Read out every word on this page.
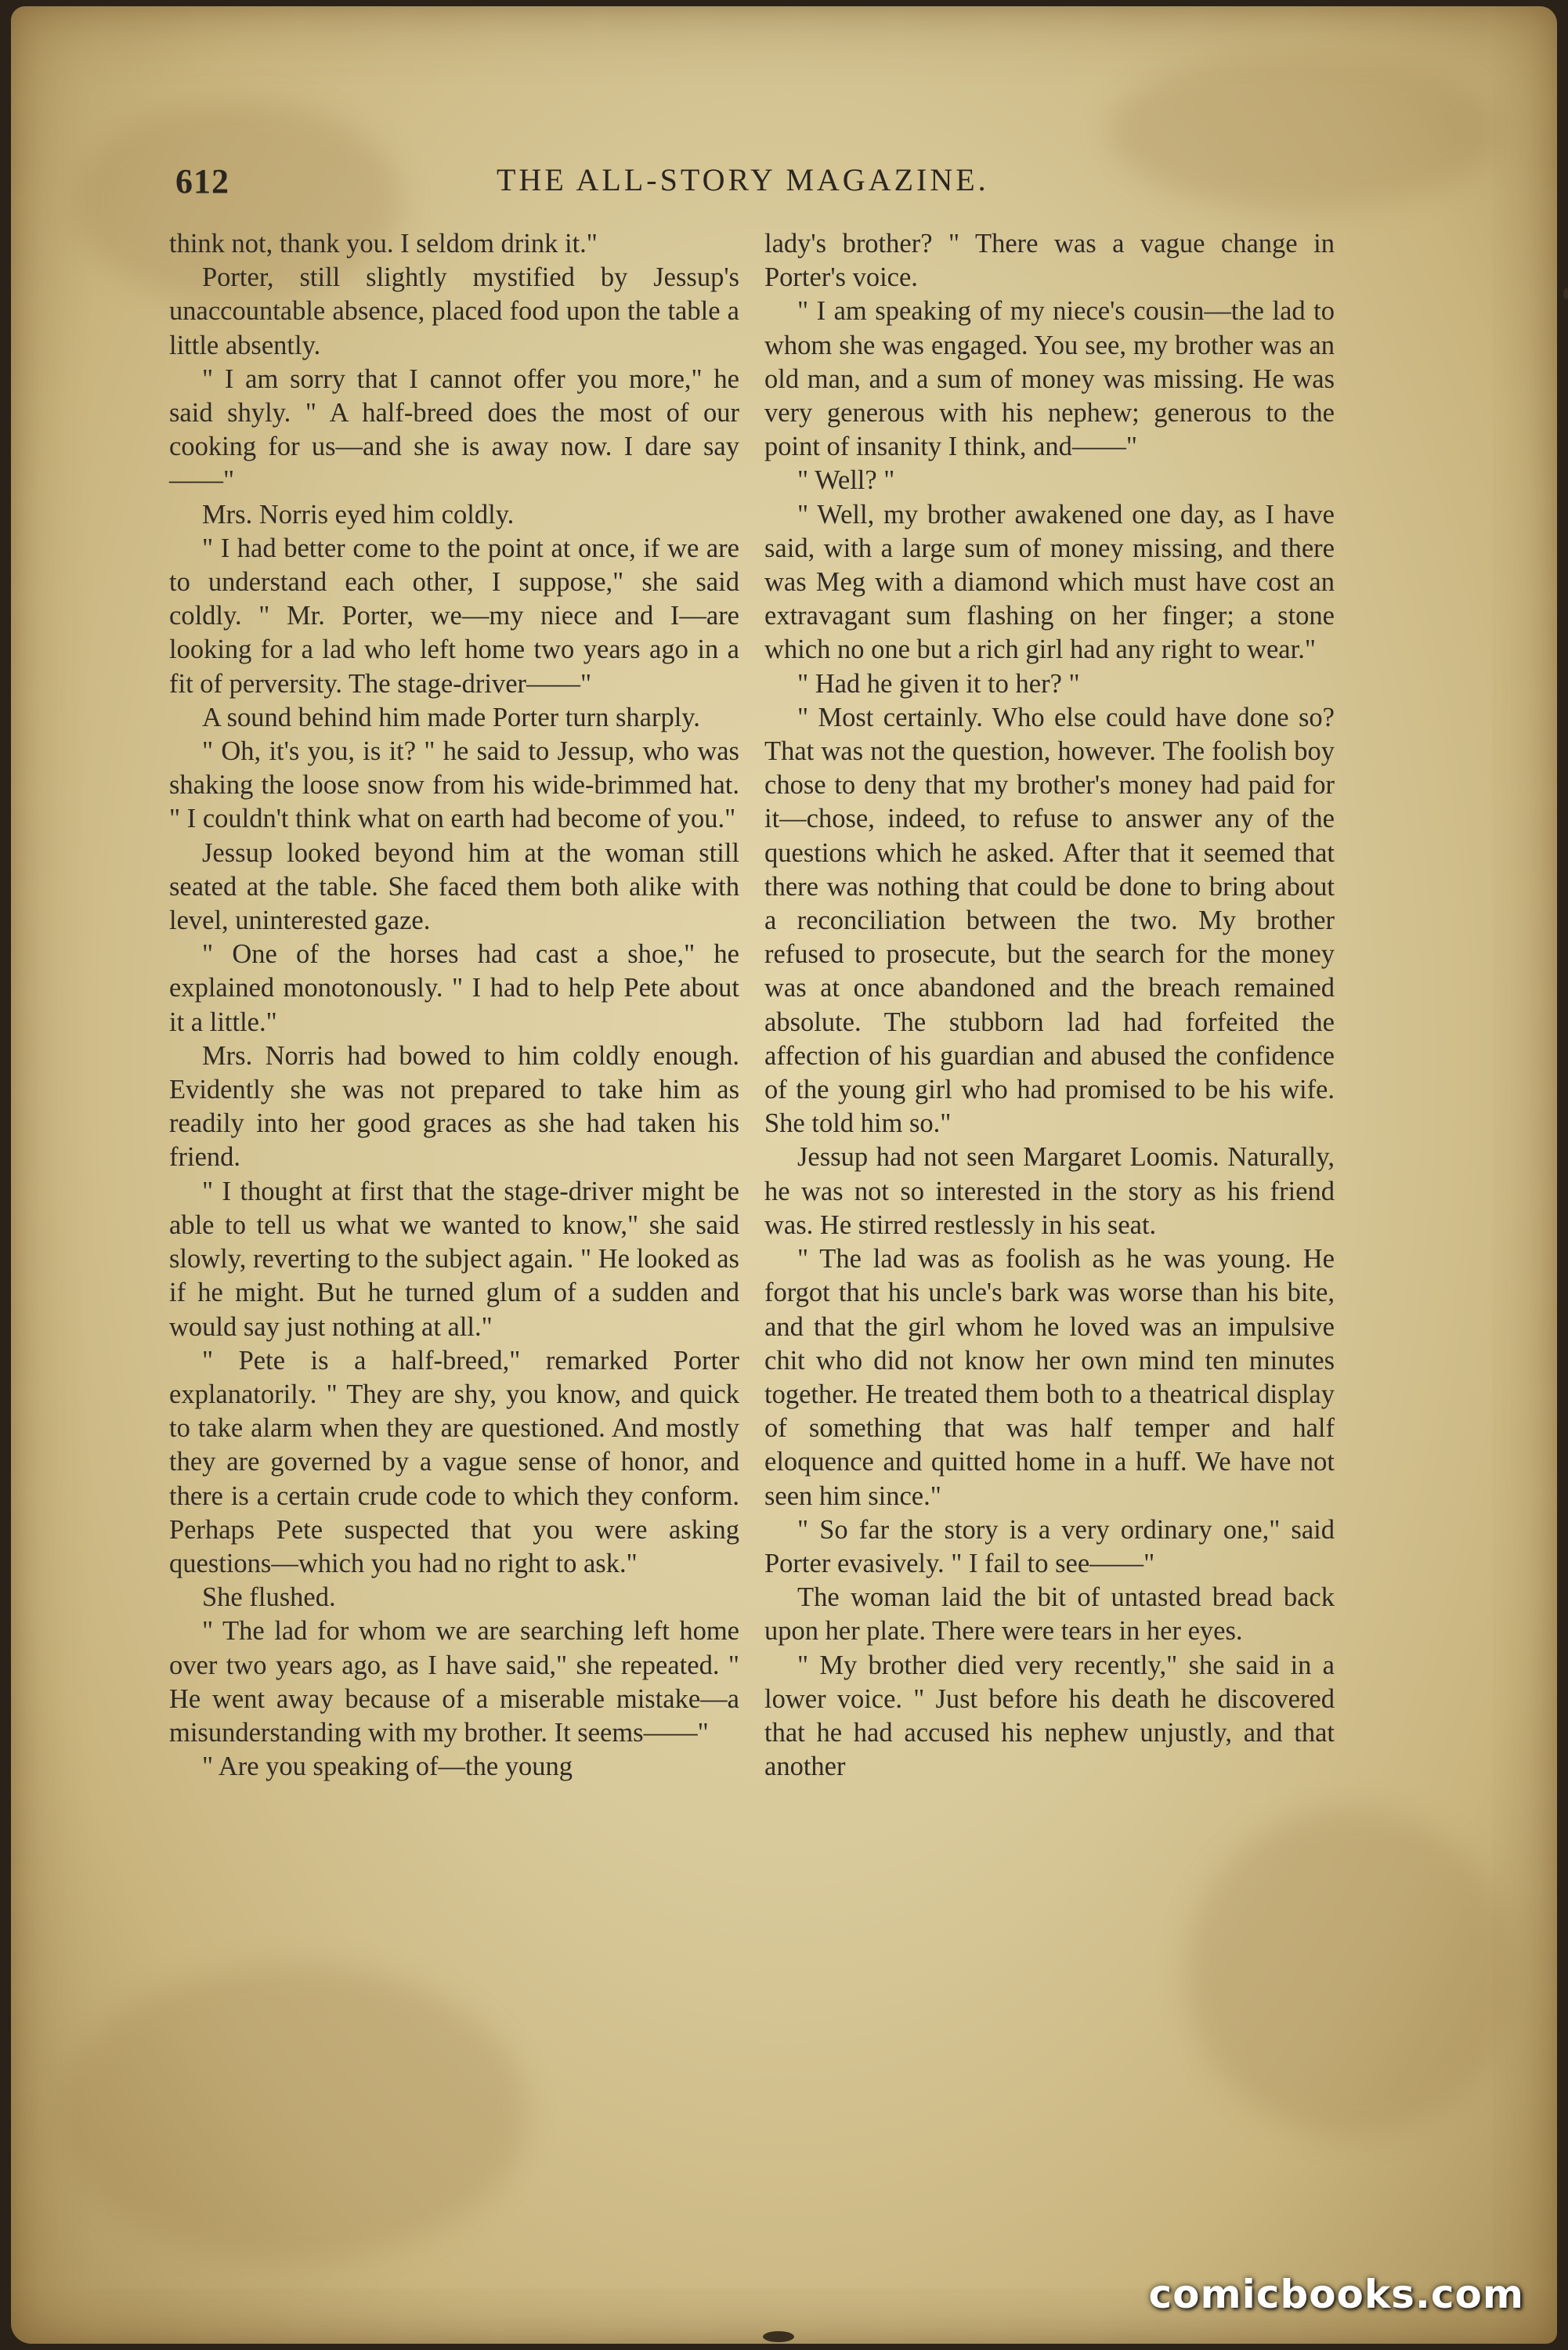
612	THE ALL-STORY MAGAZINE.

think not, thank you. I seldom drink it."

Porter, still slightly mystified by Jessup's unaccountable absence, placed food upon the table a little absently.

" I am sorry that I cannot offer you more," he said shyly. " A half-breed does the most of our cooking for us—and she is away now. I dare say——"

Mrs. Norris eyed him coldly.

" I had better come to the point at once, if we are to understand each other, I suppose," she said coldly. " Mr. Porter, we—my niece and I—are looking for a lad who left home two years ago in a fit of perversity. The stage-driver——"

A sound behind him made Porter turn sharply.

" Oh, it's you, is it? " he said to Jessup, who was shaking the loose snow from his wide-brimmed hat. " I couldn't think what on earth had become of you."

Jessup looked beyond him at the woman still seated at the table. She faced them both alike with level, uninterested gaze.

" One of the horses had cast a shoe," he explained monotonously. " I had to help Pete about it a little."

Mrs. Norris had bowed to him coldly enough. Evidently she was not prepared to take him as readily into her good graces as she had taken his friend.

" I thought at first that the stage-driver might be able to tell us what we wanted to know," she said slowly, reverting to the subject again. " He looked as if he might. But he turned glum of a sudden and would say just nothing at all."

" Pete is a half-breed," remarked Porter explanatorily. " They are shy, you know, and quick to take alarm when they are questioned. And mostly they are governed by a vague sense of honor, and there is a certain crude code to which they conform. Perhaps Pete suspected that you were asking questions—which you had no right to ask."

She flushed.

" The lad for whom we are searching left home over two years ago, as I have said," she repeated. " He went away because of a miserable mistake—a misunderstanding with my brother. It seems——"

" Are you speaking of—the young

lady's brother? " There was a vague change in Porter's voice.

" I am speaking of my niece's cousin—the lad to whom she was engaged. You see, my brother was an old man, and a sum of money was missing. He was very generous with his nephew; generous to the point of insanity I think, and——"

" Well? "

" Well, my brother awakened one day, as I have said, with a large sum of money missing, and there was Meg with a diamond which must have cost an extravagant sum flashing on her finger; a stone which no one but a rich girl had any right to wear."

" Had he given it to her? "

" Most certainly. Who else could have done so? That was not the question, however. The foolish boy chose to deny that my brother's money had paid for it—chose, indeed, to refuse to answer any of the questions which he asked. After that it seemed that there was nothing that could be done to bring about a reconciliation between the two. My brother refused to prosecute, but the search for the money was at once abandoned and the breach remained absolute. The stubborn lad had forfeited the affection of his guardian and abused the confidence of the young girl who had promised to be his wife. She told him so."

Jessup had not seen Margaret Loomis. Naturally, he was not so interested in the story as his friend was. He stirred restlessly in his seat.

" The lad was as foolish as he was young. He forgot that his uncle's bark was worse than his bite, and that the girl whom he loved was an impulsive chit who did not know her own mind ten minutes together. He treated them both to a theatrical display of something that was half temper and half eloquence and quitted home in a huff. We have not seen him since."

" So far the story is a very ordinary one," said Porter evasively. " I fail to see——"

The woman laid the bit of untasted bread back upon her plate. There were tears in her eyes.

" My brother died very recently," she said in a lower voice. " Just before his death he discovered that he had accused his nephew unjustly, and that another

comicbooks.com
